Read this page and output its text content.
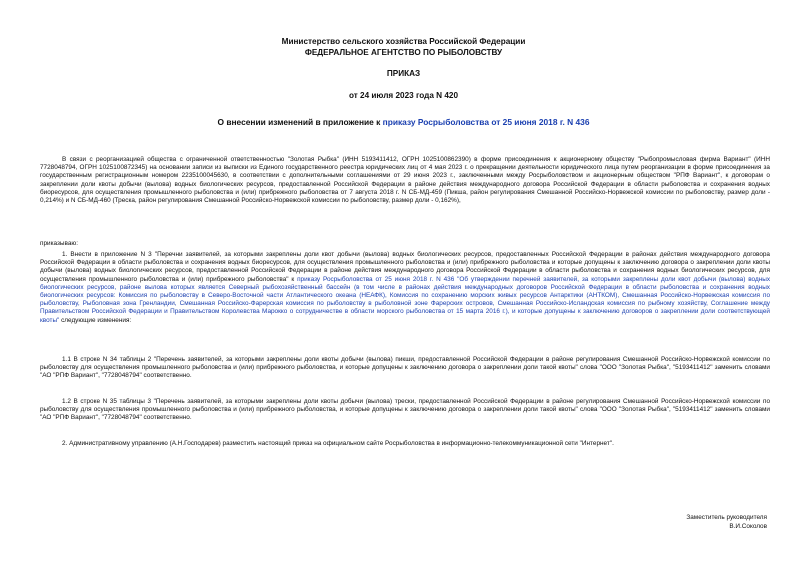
Министерство сельского хозяйства Российской Федерации
ФЕДЕРАЛЬНОЕ АГЕНТСТВО ПО РЫБОЛОВСТВУ
ПРИКАЗ
от 24 июля 2023 года N 420
О внесении изменений в приложение к приказу Росрыболовства от 25 июня 2018 г. N 436

В связи с реорганизацией общества с ограниченной ответственностью "Золотая Рыбка" (ИНН 5193411412, ОГРН 1025100862390) в форме присоединения к акционерному обществу "Рыбопромысловая фирма Вариант" (ИНН 7728048794, ОГРН 1025100872345) на основании записи из выписки из Единого государственного реестра юридических лиц от 4 мая 2023 г. о прекращении деятельности юридического лица путем реорганизации в форме присоединения за государственным регистрационным номером 2235100045630, в соответствии с дополнительными соглашениями от 29 июня 2023 г., заключенными между Росрыболовством и акционерным обществом "РПФ Вариант", к договорам о закреплении доли квоты добычи (вылова) водных биологических ресурсов, предоставленной Российской Федерации в районе действия международного договора Российской Федерации в области рыболовства и сохранения водных биоресурсов, для осуществления промышленного рыболовства и (или) прибрежного рыболовства от 7 августа 2018 г. N СБ-МД-459 (Пикша, район регулирования Смешанной Российско-Норвежской комиссии по рыболовству, размер доли - 0,214%) и N СБ-МД-460 (Треска, район регулирования Смешанной Российско-Норвежской комиссии по рыболовству, размер доли - 0,162%),

приказываю:

1. Внести в приложение N 3 "Перечни заявителей, за которыми закреплены доли квот добычи (вылова) водных биологических ресурсов, предоставленных Российской Федерации в районах действия международного договора Российской Федерации в области рыболовства и сохранения водных биоресурсов, для осуществления промышленного рыболовства и (или) прибрежного рыболовства и которые допущены к заключению договора о закреплении доли квоты добычи (вылова) водных биологических ресурсов, предоставленной Российской Федерации в районе действия международного договора Российской Федерации в области рыболовства и сохранения водных биологических ресурсов, для осуществления промышленного рыболовства и (или) прибрежного рыболовства" к приказу Росрыболовства от 25 июня 2018 г. N 436 "Об утверждении перечней заявителей, за которыми закреплены доли квот добычи (вылова) водных биологических ресурсов, районе вылова которых является Северный рыбохозяйственный бассейн (в том числе в районах действия международных договоров Российской Федерации в области рыболовства и сохранения водных биологических ресурсов: Комиссия по рыболовству в Северо-Восточной части Атлантического океана (НЕАФК), Комиссия по сохранению морских живых ресурсов Антарктики (АНТКОМ), Смешанная Российско-Норвежская комиссия по рыболовству, Рыболовная зона Гренландии, Смешанная Российско-Фарерская комиссия по рыболовству в рыболовной зоне Фарерских островов, Смешанная Российско-Исландская комиссия по рыбному хозяйству, Соглашение между Правительством Российской Федерации и Правительством Королевства Марокко о сотрудничестве в области морского рыболовства от 15 марта 2016 г.), и которые допущены к заключению договоров о закреплении доли соответствующей квоты" следующие изменения:

1.1 В строке N 34 таблицы 2 "Перечень заявителей, за которыми закреплены доли квоты добычи (вылова) пикши, предоставленной Российской Федерации в районе регулирования Смешанной Российско-Норвежской комиссии по рыболовству для осуществления промышленного рыболовства и (или) прибрежного рыболовства, и которые допущены к заключению договора о закреплении доли такой квоты" слова "ООО "Золотая Рыбка", "5193411412" заменить словами "АО "РПФ Вариант", "7728048794" соответственно.

1.2 В строке N 35 таблицы 3 "Перечень заявителей, за которыми закреплены доли квоты добычи (вылова) трески, предоставленной Российской Федерации в районе регулирования Смешанной Российско-Норвежской комиссии по рыболовству для осуществления промышленного рыболовства и (или) прибрежного рыболовства, и которые допущены к заключению договора о закреплении доли такой квоты" слова "ООО "Золотая Рыбка", "5193411412" заменить словами "АО "РПФ Вариант", "7728048794" соответственно.

2. Административному управлению (А.Н.Господарев) разместить настоящий приказ на официальном сайте Росрыболовства в информационно-телекоммуникационной сети "Интернет".

Заместитель руководителя
В.И.Соколов
